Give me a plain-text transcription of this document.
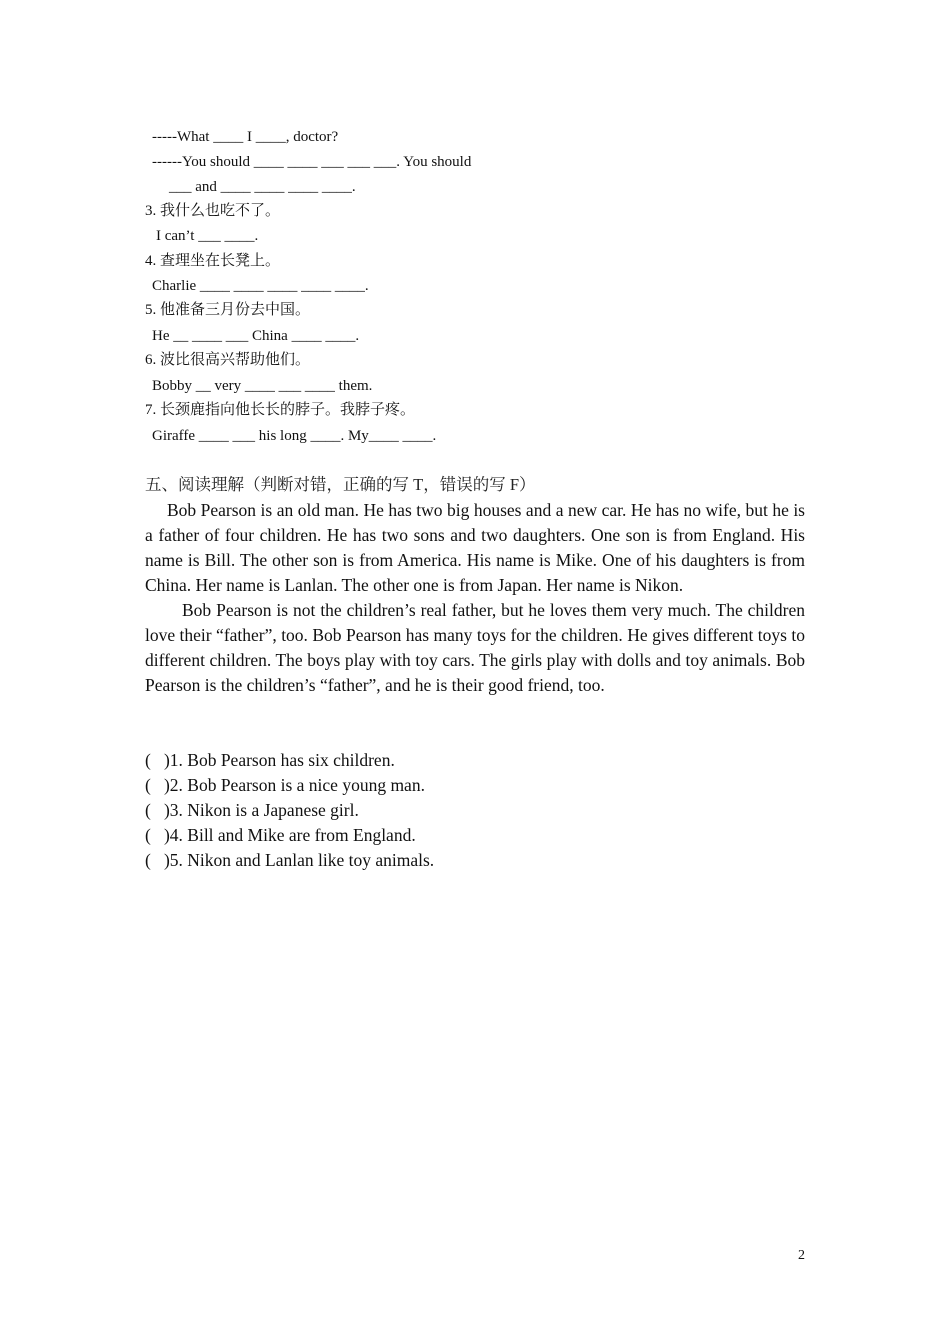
-----What ____ I ____, doctor?
------You should ____ ____ ___ ___ ___. You should
___ and ____ ____ ____ ____.
3. 我什么也吃不了。
I can’t ___ ____.
4. 查理坐在长凳上。
Charlie ____ ____ ____ ____ ____.
5. 他准备三月份去中国。
He __ ____ ___ China ____ ____.
6. 波比很高兴帮助他们。
Bobby __ very ____ ___ ____ them.
7. 长颈鹿指向他长长的脖子。我脖子疼。
Giraffe ____ ___ his long ____. My____ ____.
五、阅读理解（判断对错，正确的写 T，错误的写 F）

Bob Pearson is an old man. He has two big houses and a new car. He has no wife, but he is a father of four children. He has two sons and two daughters. One son is from England. His name is Bill. The other son is from America. His name is Mike. One of his daughters is from China. Her name is Lanlan. The other one is from Japan. Her name is Nikon.

Bob Pearson is not the children’s real father, but he loves them very much. The children love their “father”, too. Bob Pearson has many toys for the children. He gives different toys to different children. The boys play with toy cars. The girls play with dolls and toy animals. Bob Pearson is the children’s “father”, and he is their good friend, too.

(   )1. Bob Pearson has six children.
(   )2. Bob Pearson is a nice young man.
(   )3. Nikon is a Japanese girl.
(   )4. Bill and Mike are from England.
(   )5. Nikon and Lanlan like toy animals.
2
